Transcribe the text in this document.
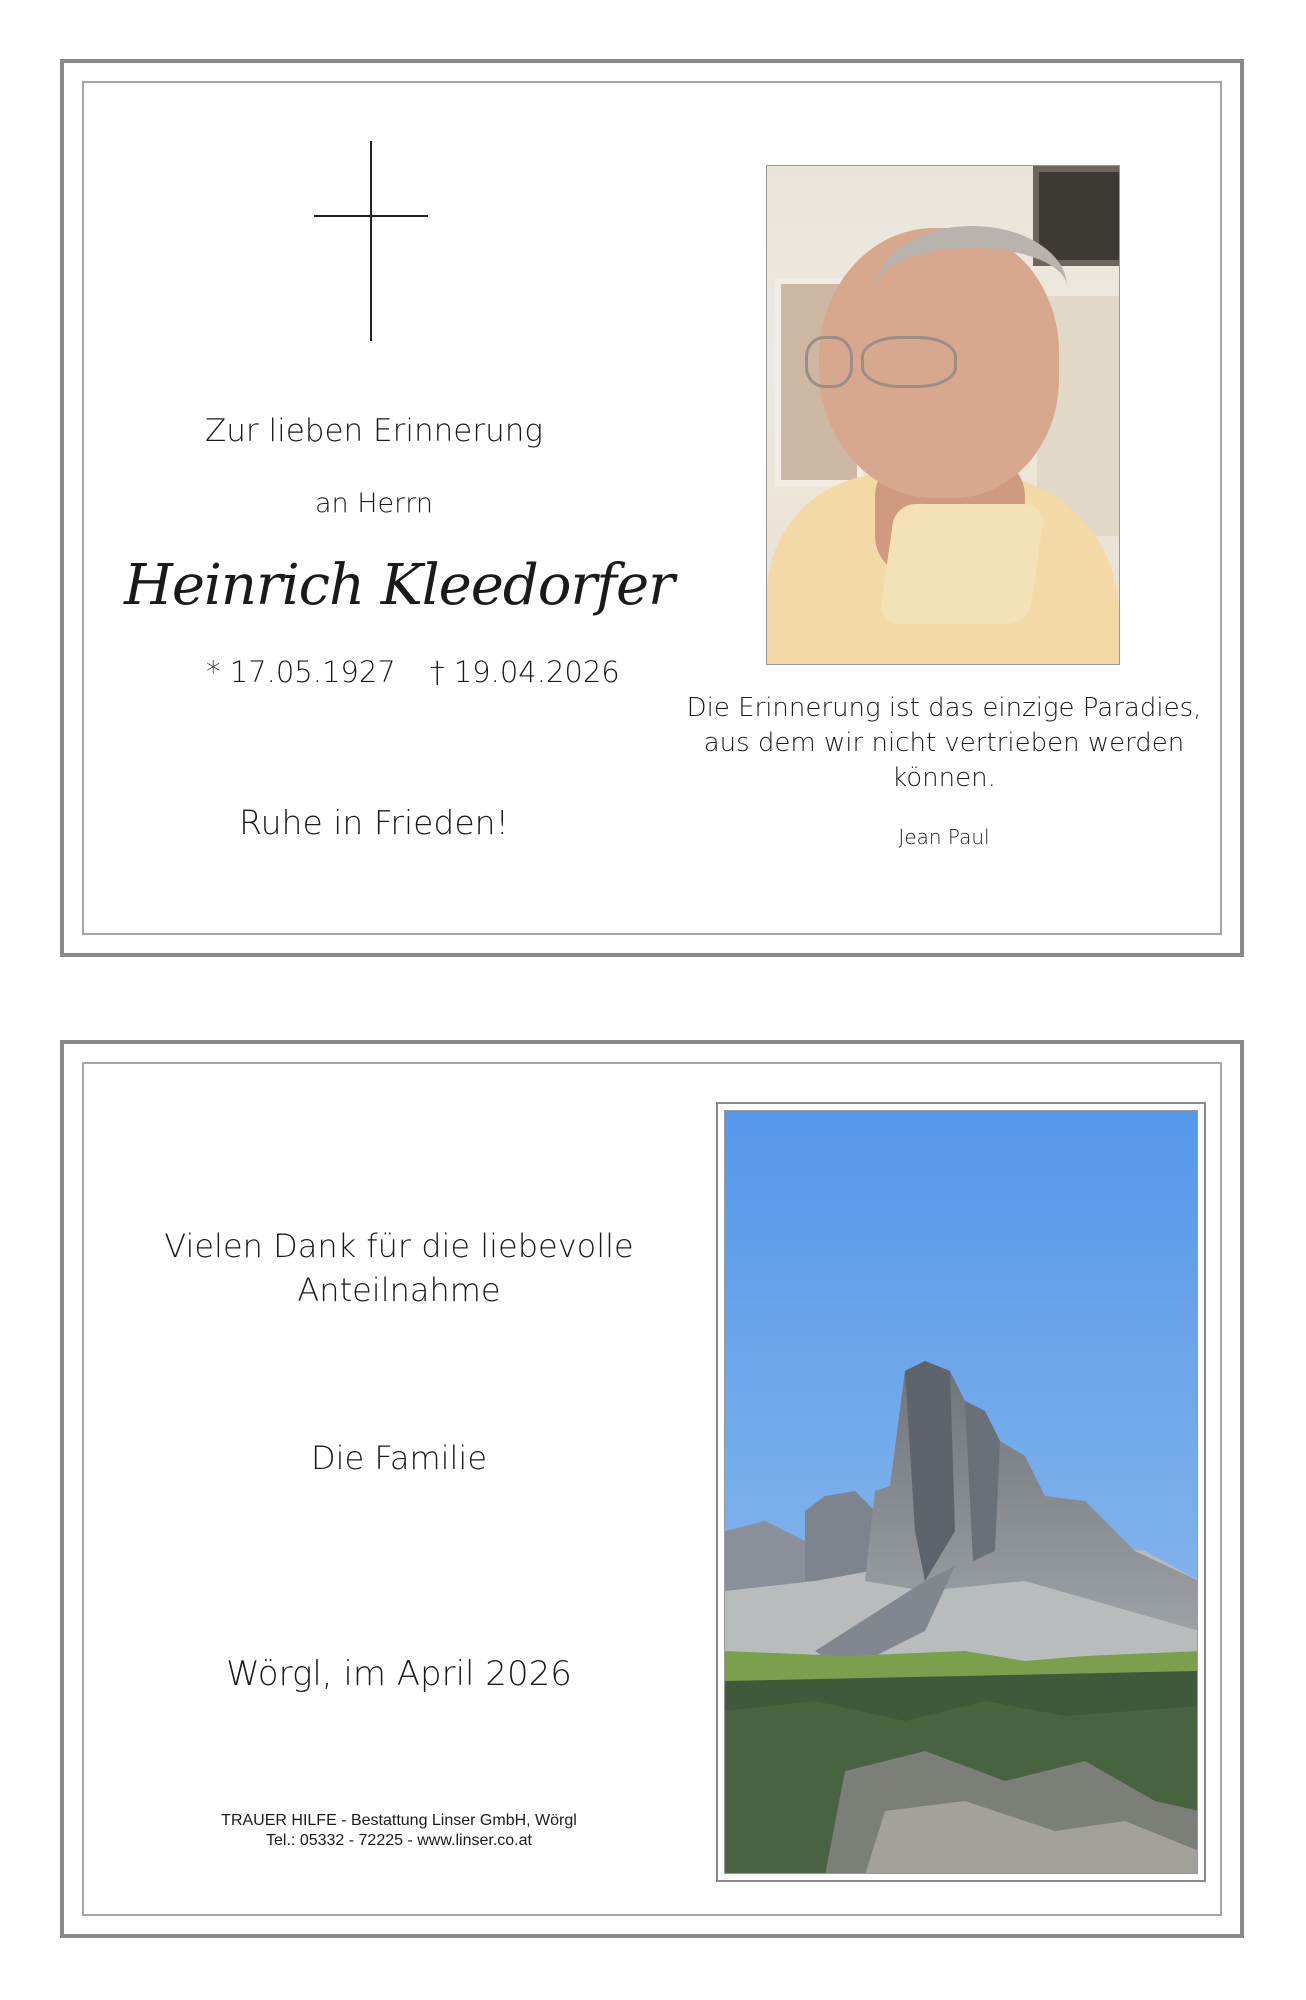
Zur lieben Erinnerung
an Herrn
Heinrich Kleedorfer
* 17.05.1927 † 19.04.2026
Ruhe in Frieden!
Die Erinnerung ist das einzige Paradies, aus dem wir nicht vertrieben werden können.
Jean Paul
Vielen Dank für die liebevolle Anteilnahme
Die Familie
Wörgl, im April 2026
TRAUER HILFE - Bestattung Linser GmbH, Wörgl
Tel.: 05332 - 72225 - www.linser.co.at
